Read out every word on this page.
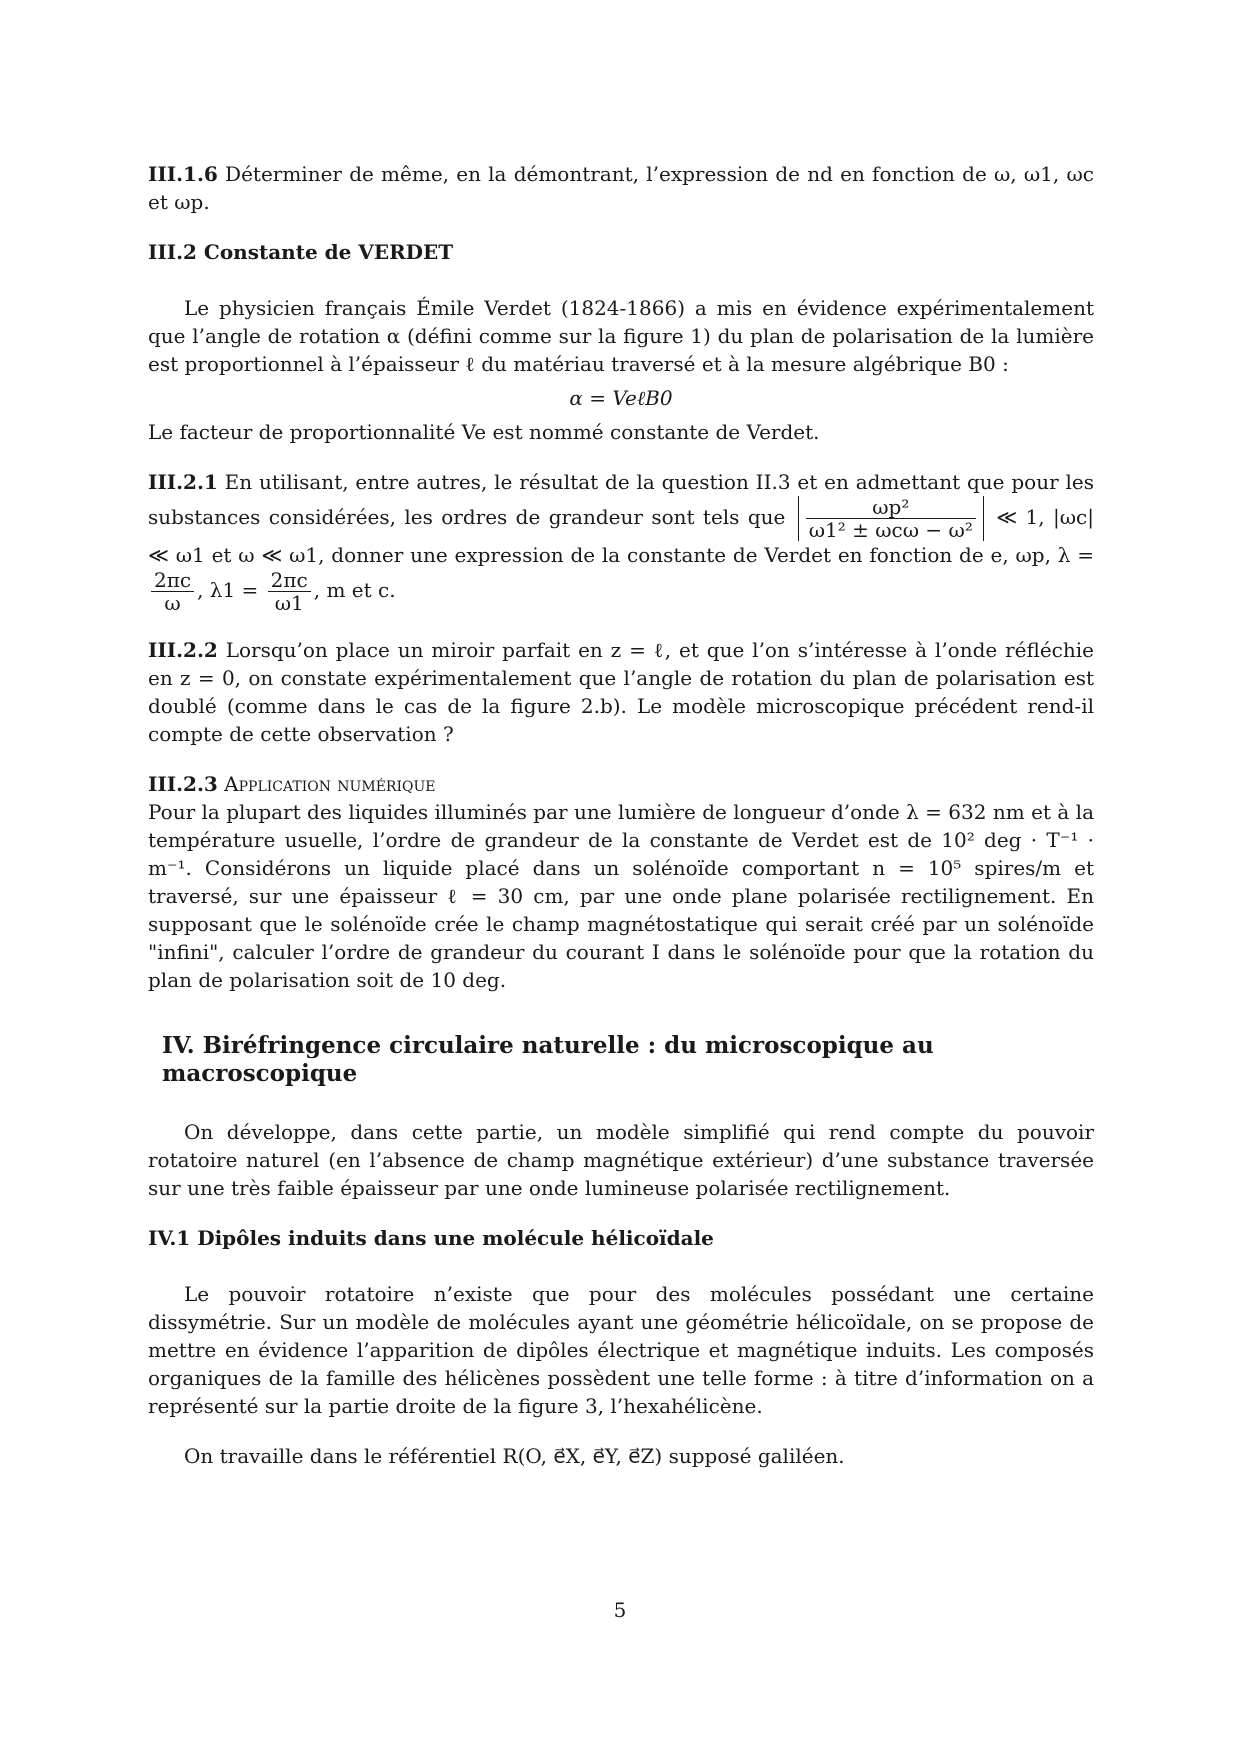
III.1.6 Déterminer de même, en la démontrant, l’expression de nd en fonction de ω, ω1, ωc et ωp.

III.2 Constante de VERDET

Le physicien français Émile Verdet (1824-1866) a mis en évidence expérimentalement que l’angle de rotation α (défini comme sur la figure 1) du plan de polarisation de la lumière est proportionnel à l’épaisseur ℓ du matériau traversé et à la mesure algébrique B0 :

α = VeℓB0

Le facteur de proportionnalité Ve est nommé constante de Verdet.

III.2.1 En utilisant, entre autres, le résultat de la question II.3 et en admettant que pour les substances considérées, les ordres de grandeur sont tels que $\frac{\text{ωp²}}{\text{ω1² ± ωcω − ω²}}$ ≪ 1, |ωc| ≪ ω1 et ω ≪ ω1, donner une expression de la constante de Verdet en fonction de e, ωp, λ =
$\frac{2\pi c}{\omega}$ , $\lambda 1 = \frac{2\pi c}{\omega 1}$ , m et c.

III.2.2 Lorsqu’on place un miroir parfait en z = ℓ, et que l’on s’intéresse à l’onde réfléchie en z = 0, on constate expérimentalement que l’angle de rotation du plan de polarisation est doublé (comme dans le cas de la figure 2.b). Le modèle microscopique précédent rend-il compte de cette observation ?

III.2.3 Application numérique

Pour la plupart des liquides illuminés par une lumière de longueur d’onde λ = 632 nm et à la température usuelle, l’ordre de grandeur de la constante de Verdet est de 10² deg · T⁻¹ · m⁻¹. Considérons un liquide placé dans un solénoïde comportant n = 10⁵ spires/m et traversé, sur une épaisseur ℓ = 30 cm, par une onde plane polarisée rectilignement. En supposant que le solénoïde crée le champ magnétostatique qui serait créé par un solénoïde "infini", calculer l’ordre de grandeur du courant I dans le solénoïde pour que la rotation du plan de polarisation soit de 10 deg.

IV. Biréfringence circulaire naturelle : du microscopique au macroscopique

On développe, dans cette partie, un modèle simplifié qui rend compte du pouvoir rotatoire naturel (en l’absence de champ magnétique extérieur) d’une substance traversée sur une très faible épaisseur par une onde lumineuse polarisée rectilignement.

IV.1 Dipôles induits dans une molécule hélicoïdale

Le pouvoir rotatoire n’existe que pour des molécules possédant une certaine dissymétrie. Sur un modèle de molécules ayant une géométrie hélicoïdale, on se propose de mettre en évidence l’apparition de dipôles électrique et magnétique induits. Les composés organiques de la famille des hélicènes possèdent une telle forme : à titre d’information on a représenté sur la partie droite de la figure 3, l’hexahélicène.

On travaille dans le référentiel R(O, e⃗X, e⃗Y, e⃗Z) supposé galiléen.

5
